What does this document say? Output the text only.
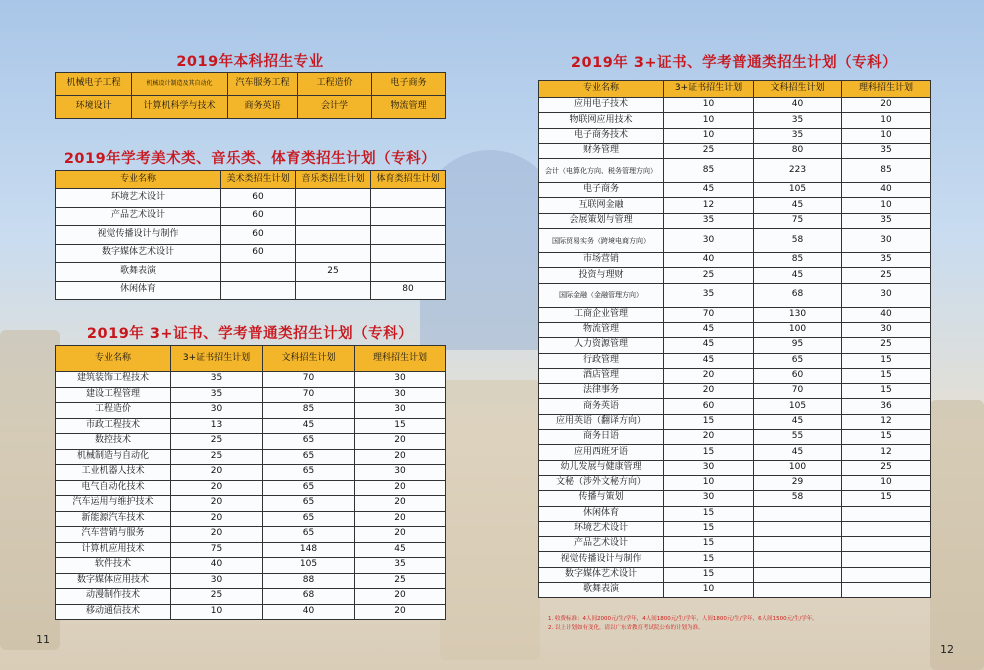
2019年本科招生专业
机械电子工程	机械设计制造及其自动化	汽车服务工程	工程造价	电子商务
环境设计	计算机科学与技术	商务英语	会计学	物流管理
2019年学考美术类、音乐类、体育类招生计划（专科）
专业名称	美术类招生计划	音乐类招生计划	体育类招生计划
环境艺术设计	60		
产品艺术设计	60		
视觉传播设计与制作	60		
数字媒体艺术设计	60		
歌舞表演		25	
休闲体育			80
2019年 3+证书、学考普通类招生计划（专科）
专业名称	3+证书招生计划	文科招生计划	理科招生计划
建筑装饰工程技术	35	70	30
建设工程管理	35	70	30
工程造价	30	85	30
市政工程技术	13	45	15
数控技术	25	65	20
机械制造与自动化	25	65	20
工业机器人技术	20	65	30
电气自动化技术	20	65	20
汽车运用与维护技术	20	65	20
新能源汽车技术	20	65	20
汽车营销与服务	20	65	20
计算机应用技术	75	148	45
软件技术	40	105	35
数字媒体应用技术	30	88	25
动漫制作技术	25	68	20
移动通信技术	10	40	20
11
2019年 3+证书、学考普通类招生计划（专科）
专业名称	3+证书招生计划	文科招生计划	理科招生计划
应用电子技术	10	40	20
物联网应用技术	10	35	10
电子商务技术	10	35	10
财务管理	25	80	35
会计（电算化方向、税务管理方向）	85	223	85
电子商务	45	105	40
互联网金融	12	45	10
会展策划与管理	35	75	35
国际贸易实务（跨境电商方向）	30	58	30
市场营销	40	85	35
投资与理财	25	45	25
国际金融（金融管理方向）	35	68	30
工商企业管理	70	130	40
物流管理	45	100	30
人力资源管理	45	95	25
行政管理	45	65	15
酒店管理	20	60	15
法律事务	20	70	15
商务英语	60	105	36
应用英语（翻译方向）	15	45	12
商务日语	20	55	15
应用西班牙语	15	45	12
幼儿发展与健康管理	30	100	25
文秘（涉外文秘方向）	10	29	10
传播与策划	30	58	15
休闲体育	15		
环境艺术设计	15		
产品艺术设计	15		
视觉传播设计与制作	15		
数字媒体艺术设计	15		
歌舞表演	10		
1. 收费标准：4人间2000元/生/学年，4人间1800元/生/学年，人间1800元/生/学年，6人间1500元/生/学年。
2. 以上计划如有变化，请以广东省教育考试院公布的计划为准。
12
